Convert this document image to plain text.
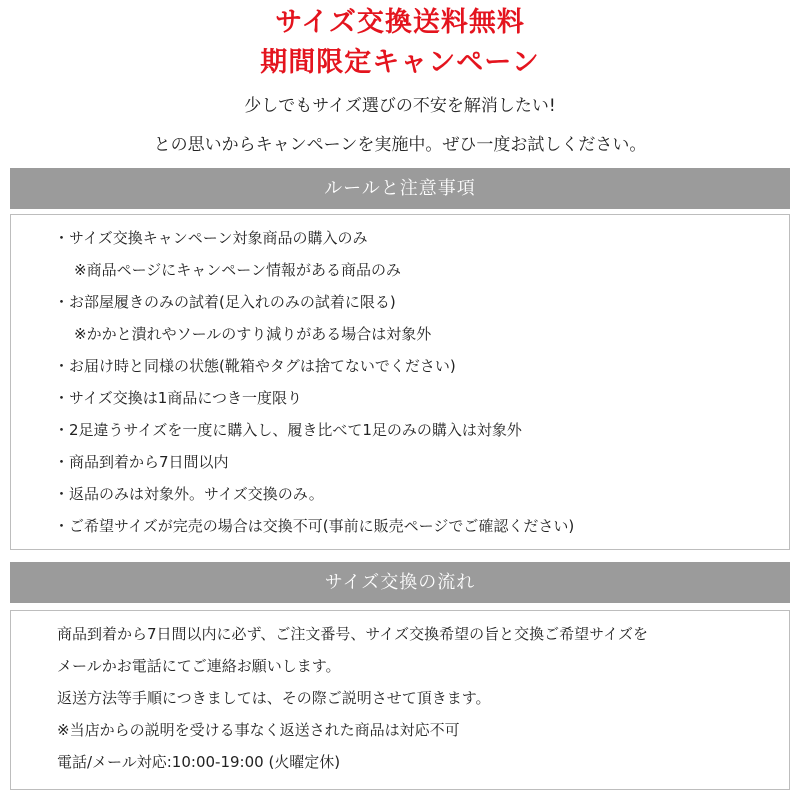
サイズ交換送料無料
期間限定キャンペーン
少しでもサイズ選びの不安を解消したい!
との思いからキャンペーンを実施中。ぜひ一度お試しください。
ルールと注意事項
・サイズ交換キャンペーン対象商品の購入のみ
※商品ページにキャンペーン情報がある商品のみ
・お部屋履きのみの試着(足入れのみの試着に限る)
※かかと潰れやソールのすり減りがある場合は対象外
・お届け時と同様の状態(靴箱やタグは捨てないでください)
・サイズ交換は1商品につき一度限り
・2足違うサイズを一度に購入し、履き比べて1足のみの購入は対象外
・商品到着から7日間以内
・返品のみは対象外。サイズ交換のみ。
・ご希望サイズが完売の場合は交換不可(事前に販売ページでご確認ください)
サイズ交換の流れ
商品到着から7日間以内に必ず、ご注文番号、サイズ交換希望の旨と交換ご希望サイズを
メールかお電話にてご連絡お願いします。
返送方法等手順につきましては、その際ご説明させて頂きます。
※当店からの説明を受ける事なく返送された商品は対応不可
電話/メール対応:10:00-19:00 (火曜定休)
